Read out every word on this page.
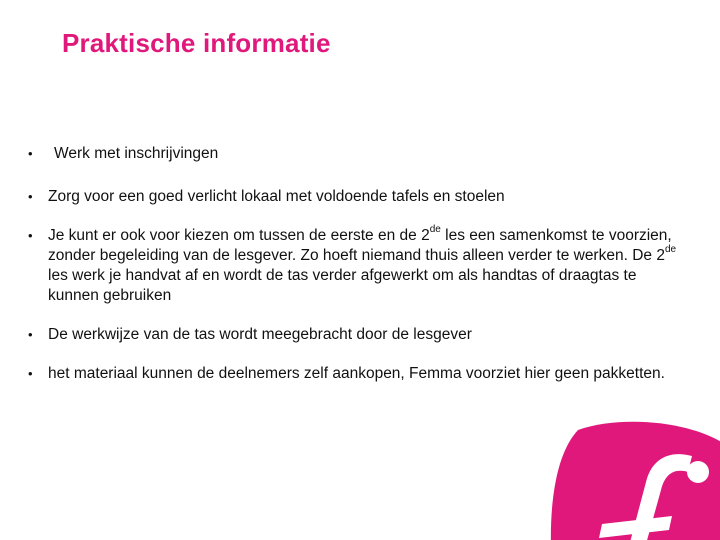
Praktische informatie
• Werk met inschrijvingen
• Zorg voor een goed verlicht lokaal met voldoende tafels en stoelen
• Je kunt er ook voor kiezen om tussen de eerste en de 2de les een samenkomst te voorzien, zonder begeleiding van de lesgever. Zo hoeft niemand thuis alleen verder te werken. De 2de les werk je handvat af en wordt de tas verder afgewerkt om als handtas of draagtas te kunnen gebruiken
• De werkwijze van de tas wordt meegebracht door de lesgever
• het materiaal kunnen de deelnemers zelf aankopen, Femma voorziet hier geen pakketten.
